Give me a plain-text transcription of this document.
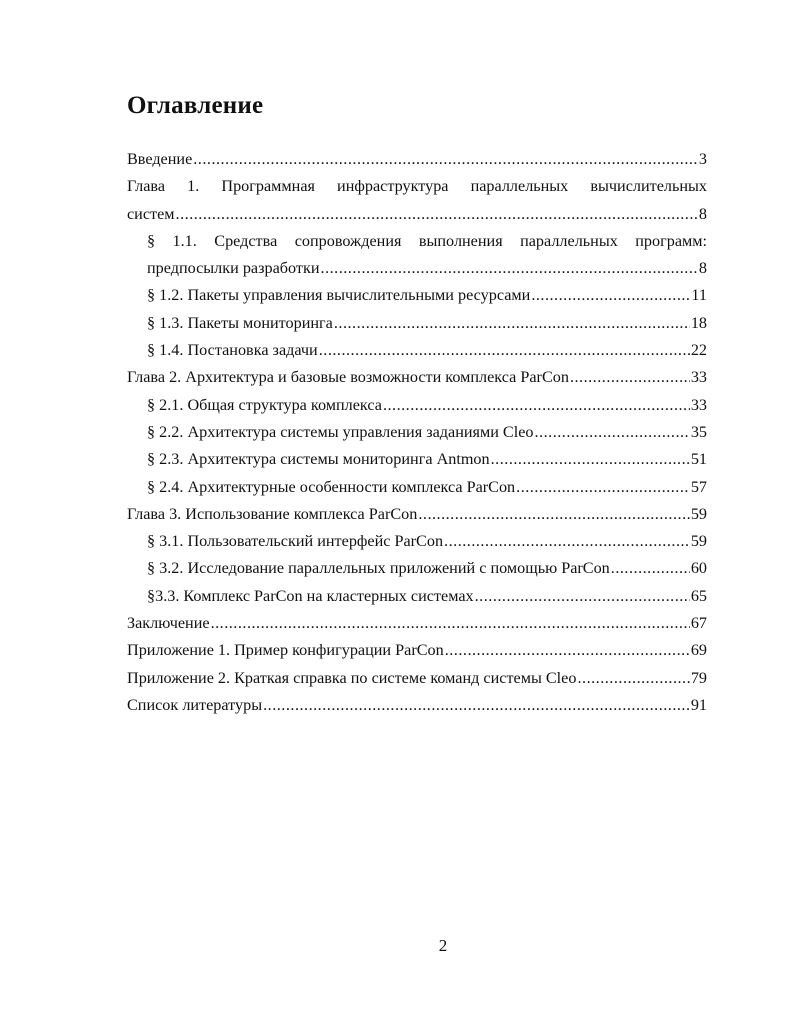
Оглавление
Введение .....	3
Глава 1. Программная инфраструктура параллельных вычислительных
систем .....	8
§ 1.1. Средства сопровождения выполнения параллельных программ:
предпосылки разработки .....	8
§ 1.2. Пакеты управления вычислительными ресурсами .....	11
§ 1.3. Пакеты мониторинга .....	18
§ 1.4. Постановка задачи .....	22
Глава 2. Архитектура и базовые возможности комплекса ParCon .....	33
§ 2.1. Общая структура комплекса .....	33
§ 2.2. Архитектура системы управления заданиями Cleo .....	35
§ 2.3. Архитектура системы мониторинга Antmon .....	51
§ 2.4. Архитектурные особенности комплекса ParCon .....	57
Глава 3. Использование комплекса ParCon .....	59
§ 3.1. Пользовательский интерфейс ParCon .....	59
§ 3.2. Исследование параллельных приложений с помощью ParCon .....	60
§3.3. Комплекс ParCon на кластерных системах .....	65
Заключение .....	67
Приложение 1. Пример конфигурации ParCon .....	69
Приложение 2. Краткая справка по системе команд системы Cleo .....	79
Список литературы .....	91
2
